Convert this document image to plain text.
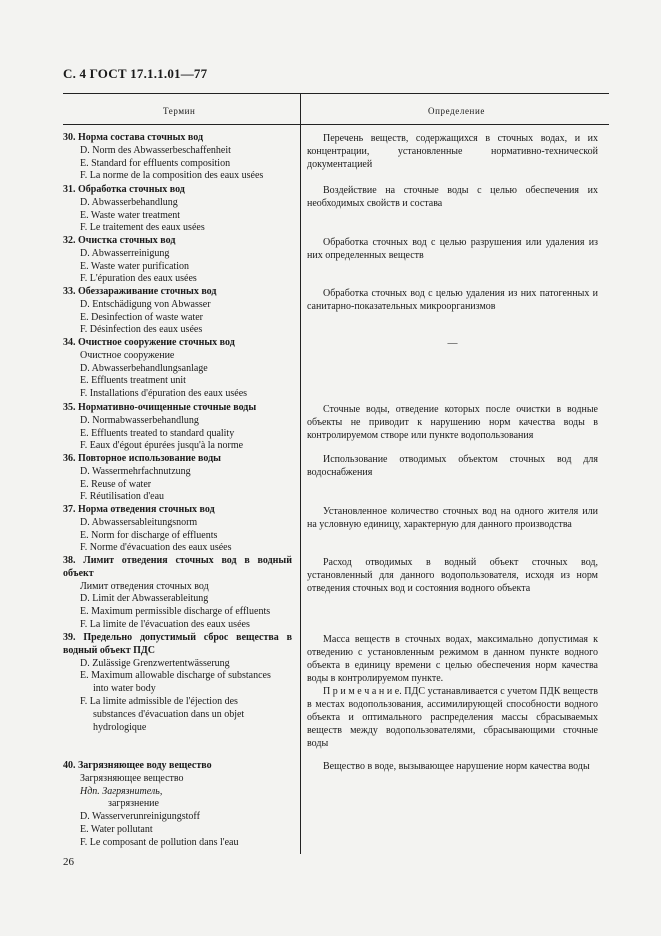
С. 4 ГОСТ 17.1.1.01—77
Термин	Определение
30. Норма состава сточных вод
D. Norm des Abwasserbeschaffenheit
E. Standard for effluents composition
F. La norme de la composition des eaux usées

Перечень веществ, содержащихся в сточных водах, и их концентрации, установленные нормативно-технической документацией

31. Обработка сточных вод
D. Abwasserbehandlung
E. Waste water treatment
F. Le traitement des eaux usées

Воздействие на сточные воды с целью обеспечения их необходимых свойств и состава

32. Очистка сточных вод
D. Abwasserreinigung
E. Waste water purification
F. L'épuration des eaux usées

Обработка сточных вод с целью разрушения или удаления из них определенных веществ

33. Обеззараживание сточных вод
D. Entschädigung von Abwasser
E. Desinfection of waste water
F. Désinfection des eaux usées

Обработка сточных вод с целью удаления из них патогенных и санитарно-показательных микроорганизмов

34. Очистное сооружение сточных вод
Очистное сооружение
D. Abwasserbehandlungsanlage
E. Effluents treatment unit
F. Installations d'épuration des eaux usées
—
35. Нормативно-очищенные сточные воды
D. Normabwasserbehandlung
E. Effluents treated to standard quality
F. Eaux d'égout épurées jusqu'à la norme

Сточные воды, отведение которых после очистки в водные объекты не приводит к нарушению норм качества воды в контролируемом створе или пункте водопользования

36. Повторное использование воды
D. Wassermehrfachnutzung
E. Reuse of water
F. Réutilisation d'eau

Использование отводимых объектом сточных вод для водоснабжения

37. Норма отведения сточных вод
D. Abwassersableitungsnorm
E. Norm for discharge of effluents
F. Norme d'évacuation des eaux usées

Установленное количество сточных вод на одного жителя или на условную единицу, характерную для данного производства

38. Лимит отведения сточных вод в водный объект
Лимит отведения сточных вод
D. Limit der Abwasserableitung
E. Maximum permissible discharge of effluents
F. La limite de l'évacuation des eaux usées

Расход отводимых в водный объект сточных вод, установленный для данного водопользователя, исходя из норм отведения сточных вод и состояния водного объекта

39. Предельно допустимый сброс вещества в водный объект ПДС
D. Zulässige Grenzwertentwässerung
E. Maximum allowable discharge of substances
into water body
F. La limite admissible de l'éjection des
substances d'évacuation dans un objet
hydrologique

Масса веществ в сточных водах, максимально допустимая к отведению с установленным режимом в данном пункте водного объекта в единицу времени с целью обеспечения норм качества воды в контролируемом пункте.

П р и м е ч а н и е. ПДС устанавливается с учетом ПДК веществ в местах водопользования, ассимилирующей способности водного объекта и оптимального распределения массы сбрасываемых веществ между водопользователями, сбрасывающими сточные воды

40. Загрязняющее воду вещество
Загрязняющее вещество
Ндп. Загрязнитель,
загрязнение
D. Wasserverunreinigungstoff
E. Water pollutant
F. Le composant de pollution dans l'eau

Вещество в воде, вызывающее нарушение норм качества воды

26
